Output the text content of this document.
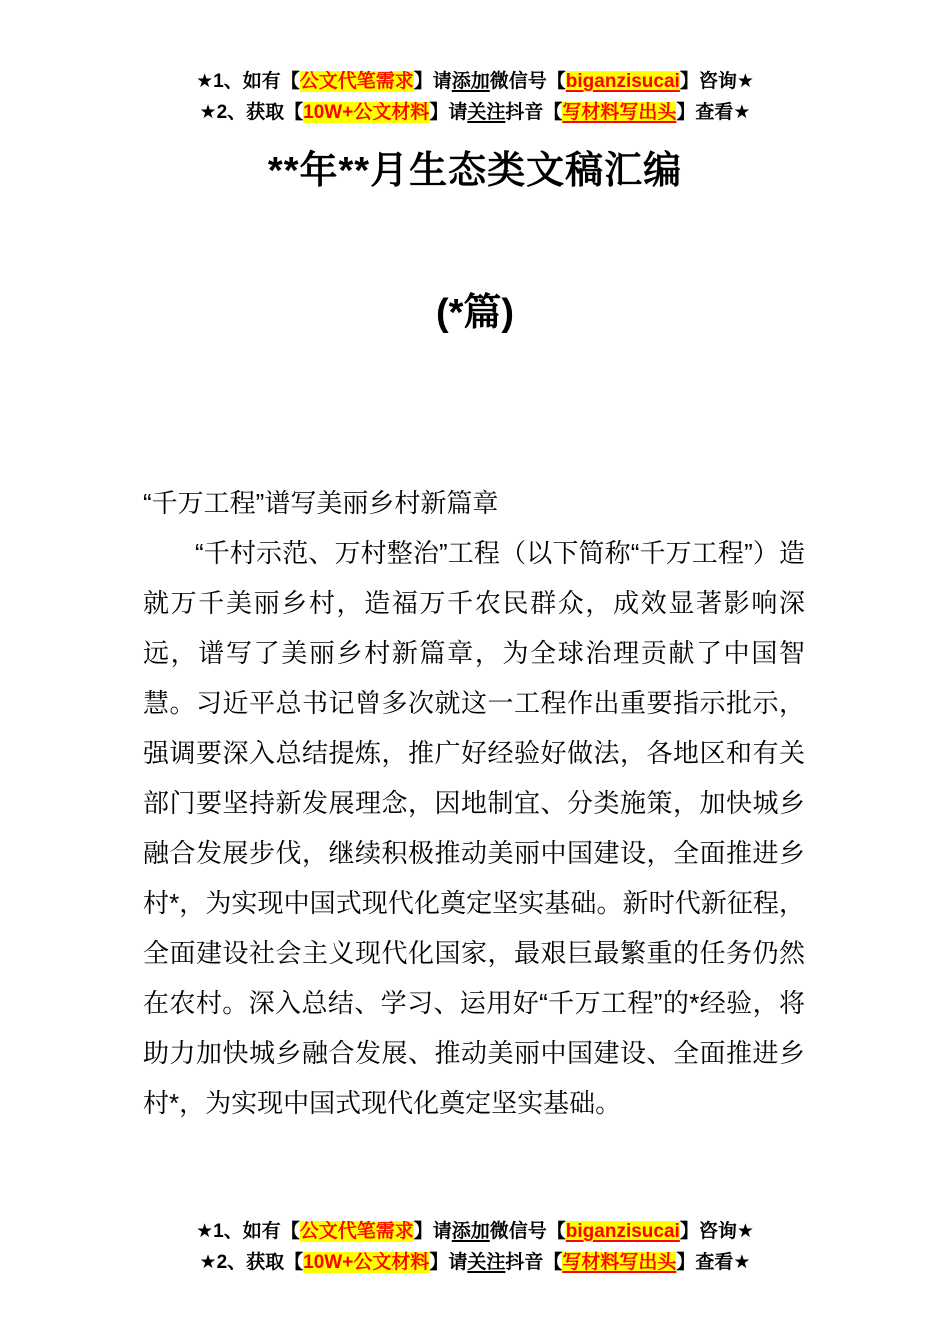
★1、如有【公文代笔需求】请添加微信号【biganzisucai】咨询★
★2、获取【10W+公文材料】请关注抖音【写材料写出头】查看★
**年**月生态类文稿汇编
(*篇)

“千万工程”谱写美丽乡村新篇章

“千村示范、万村整治”工程（以下简称“千万工程”）造就万千美丽乡村，造福万千农民群众，成效显著影响深远，谱写了美丽乡村新篇章，为全球治理贡献了中国智慧。习近平总书记曾多次就这一工程作出重要指示批示，强调要深入总结提炼，推广好经验好做法，各地区和有关部门要坚持新发展理念，因地制宜、分类施策，加快城乡融合发展步伐，继续积极推动美丽中国建设，全面推进乡村*，为实现中国式现代化奠定坚实基础。新时代新征程，全面建设社会主义现代化国家，最艰巨最繁重的任务仍然在农村。深入总结、学习、运用好“千万工程”的*经验，将助力加快城乡融合发展、推动美丽中国建设、全面推进乡村*，为实现中国式现代化奠定坚实基础。

★1、如有【公文代笔需求】请添加微信号【biganzisucai】咨询★
★2、获取【10W+公文材料】请关注抖音【写材料写出头】查看★
